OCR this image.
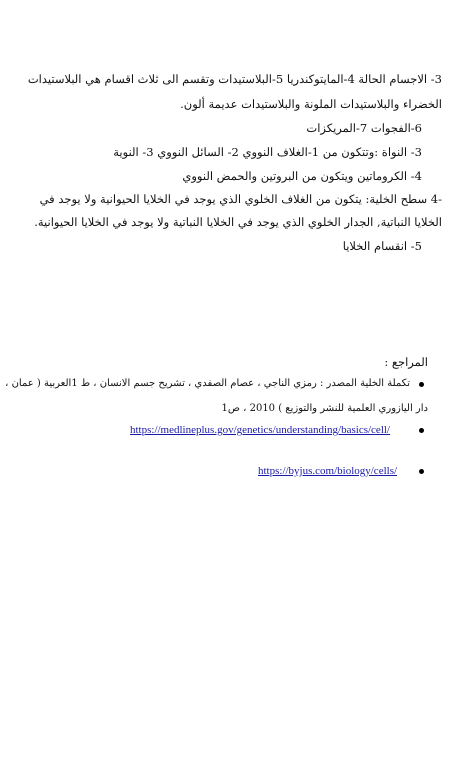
3- الاجسام الحالة 4-المايتوكندريا 5-البلاستيدات وتقسم الى ثلاث اقسام هي البلاستيدات
الخضراء والبلاستيدات الملونة والبلاستيدات عديمة ألون.
6-الفجوات 7-المريكزات
3- النواة :وتتكون من 1-الغلاف النووي 2- السائل النووي 3- النوية
4- الكروماتين ويتكون من البروتين والحمض النووي
-4 سطح الخلية: يتكون من الغلاف الخلوي الذي يوجد في الخلايا الحيوانية ولا يوجد في
الخلايا النباتية, الجدار الخلوي الذي يوجد في الخلايا النباتية ولا يوجد في الخلايا الحيوانية.
5- انقسام الخلايا
المراجع :
تكملة الخلية المصدر : رمزي الناجي ، عصام الصفدي ، تشريح جسم الانسان ، ط 1العربية ( عمان ،
دار اليازوري العلمية للنشر والتوزيع ) 2010 ، ص1
https://medlineplus.gov/genetics/understanding/basics/cell/
https://byjus.com/biology/cells/
